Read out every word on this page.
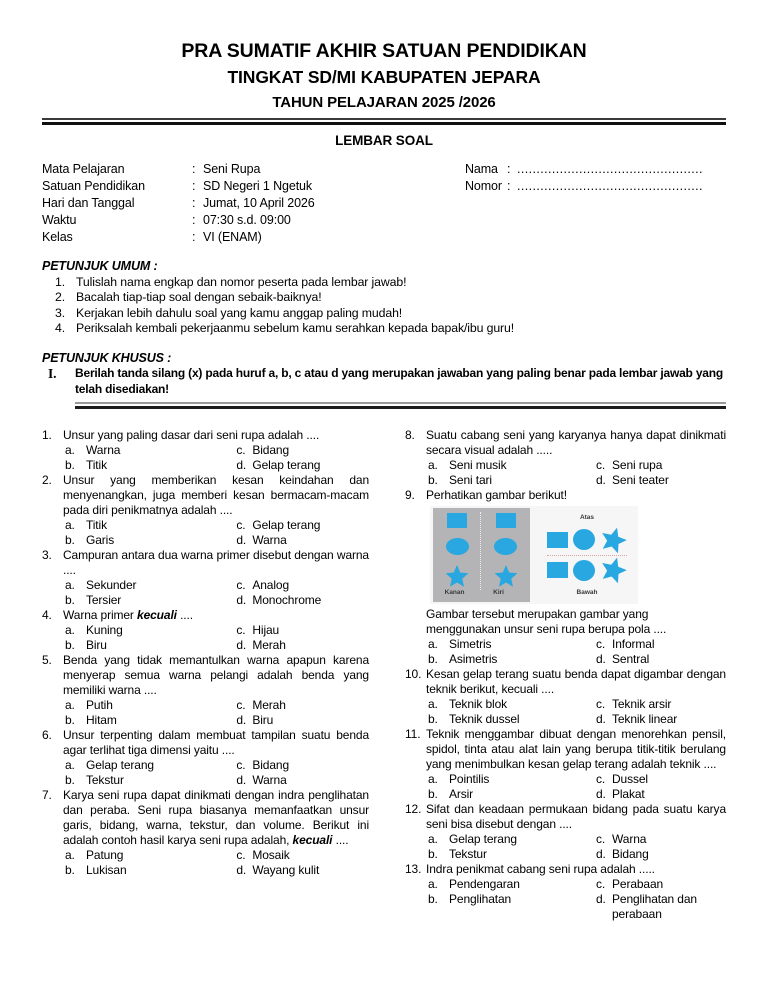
PRA SUMATIF AKHIR SATUAN PENDIDIKAN
TINGKAT SD/MI KABUPATEN JEPARA
TAHUN PELAJARAN 2025 /2026
LEMBAR SOAL
Mata Pelajaran	: Seni Rupa
Satuan Pendidikan	: SD Negeri 1 Ngetuk
Hari dan Tanggal	: Jumat, 10 April 2026
Waktu	: 07:30 s.d. 09:00
Kelas	: VI (ENAM)
Nama : ................................................
Nomor : ................................................
PETUNJUK UMUM :
1. Tulislah nama engkap dan nomor peserta pada lembar jawab!
2. Bacalah tiap-tiap soal dengan sebaik-baiknya!
3. Kerjakan lebih dahulu soal yang kamu anggap paling mudah!
4. Periksalah kembali pekerjaanmu sebelum kamu serahkan kepada bapak/ibu guru!
PETUNJUK KHUSUS :
I.	Berilah tanda silang (x) pada huruf a, b, c atau d yang merupakan jawaban yang paling benar pada lembar jawab yang telah disediakan!
1. Unsur yang paling dasar dari seni rupa adalah ....
a. Warna
b. Titik
c. Bidang
d. Gelap terang
2. Unsur yang memberikan kesan keindahan dan menyenangkan, juga memberi kesan bermacam-macam pada diri penikmatnya adalah ....
a. Titik
b. Garis
c. Gelap terang
d. Warna
3. Campuran antara dua warna primer disebut dengan warna ....
a. Sekunder
b. Tersier
c. Analog
d. Monochrome
4. Warna primer kecuali ....
a. Kuning
b. Biru
c. Hijau
d. Merah
5. Benda yang tidak memantulkan warna apapun karena menyerap semua warna pelangi adalah benda yang memiliki warna ....
a. Putih
b. Hitam
c. Merah
d. Biru
6. Unsur terpenting dalam membuat tampilan suatu benda agar terlihat tiga dimensi yaitu ....
a. Gelap terang
b. Tekstur
c. Bidang
d. Warna
7. Karya seni rupa dapat dinikmati dengan indra penglihatan dan peraba. Seni rupa biasanya memanfaatkan unsur garis, bidang, warna, tekstur, dan volume. Berikut ini adalah contoh hasil karya seni rupa adalah, kecuali ....
a. Patung
b. Lukisan
c. Mosaik
d. Wayang kulit
8. Suatu cabang seni yang karyanya hanya dapat dinikmati secara visual adalah .....
a. Seni musik
b. Seni tari
c. Seni rupa
d. Seni teater
9. Perhatikan gambar berikut!
Kanan	Kiri
Atas
Bawah
Gambar tersebut merupakan gambar yang
menggunakan unsur seni rupa berupa pola ....
a. Simetris
b. Asimetris
c. Informal
d. Sentral
10. Kesan gelap terang suatu benda dapat digambar dengan teknik berikut, kecuali ....
a. Teknik blok
b. Teknik dussel
c. Teknik arsir
d. Teknik linear
11. Teknik menggambar dibuat dengan menorehkan pensil, spidol, tinta atau alat lain yang berupa titik-titik berulang yang menimbulkan kesan gelap terang adalah teknik ....
a. Pointilis
b. Arsir
c. Dussel
d. Plakat
12. Sifat dan keadaan permukaan bidang pada suatu karya seni bisa disebut dengan ....
a. Gelap terang
b. Tekstur
c. Warna
d. Bidang
13. Indra penikmat cabang seni rupa adalah .....
a. Pendengaran
b. Penglihatan
c. Perabaan
d. Penglihatan dan perabaan
